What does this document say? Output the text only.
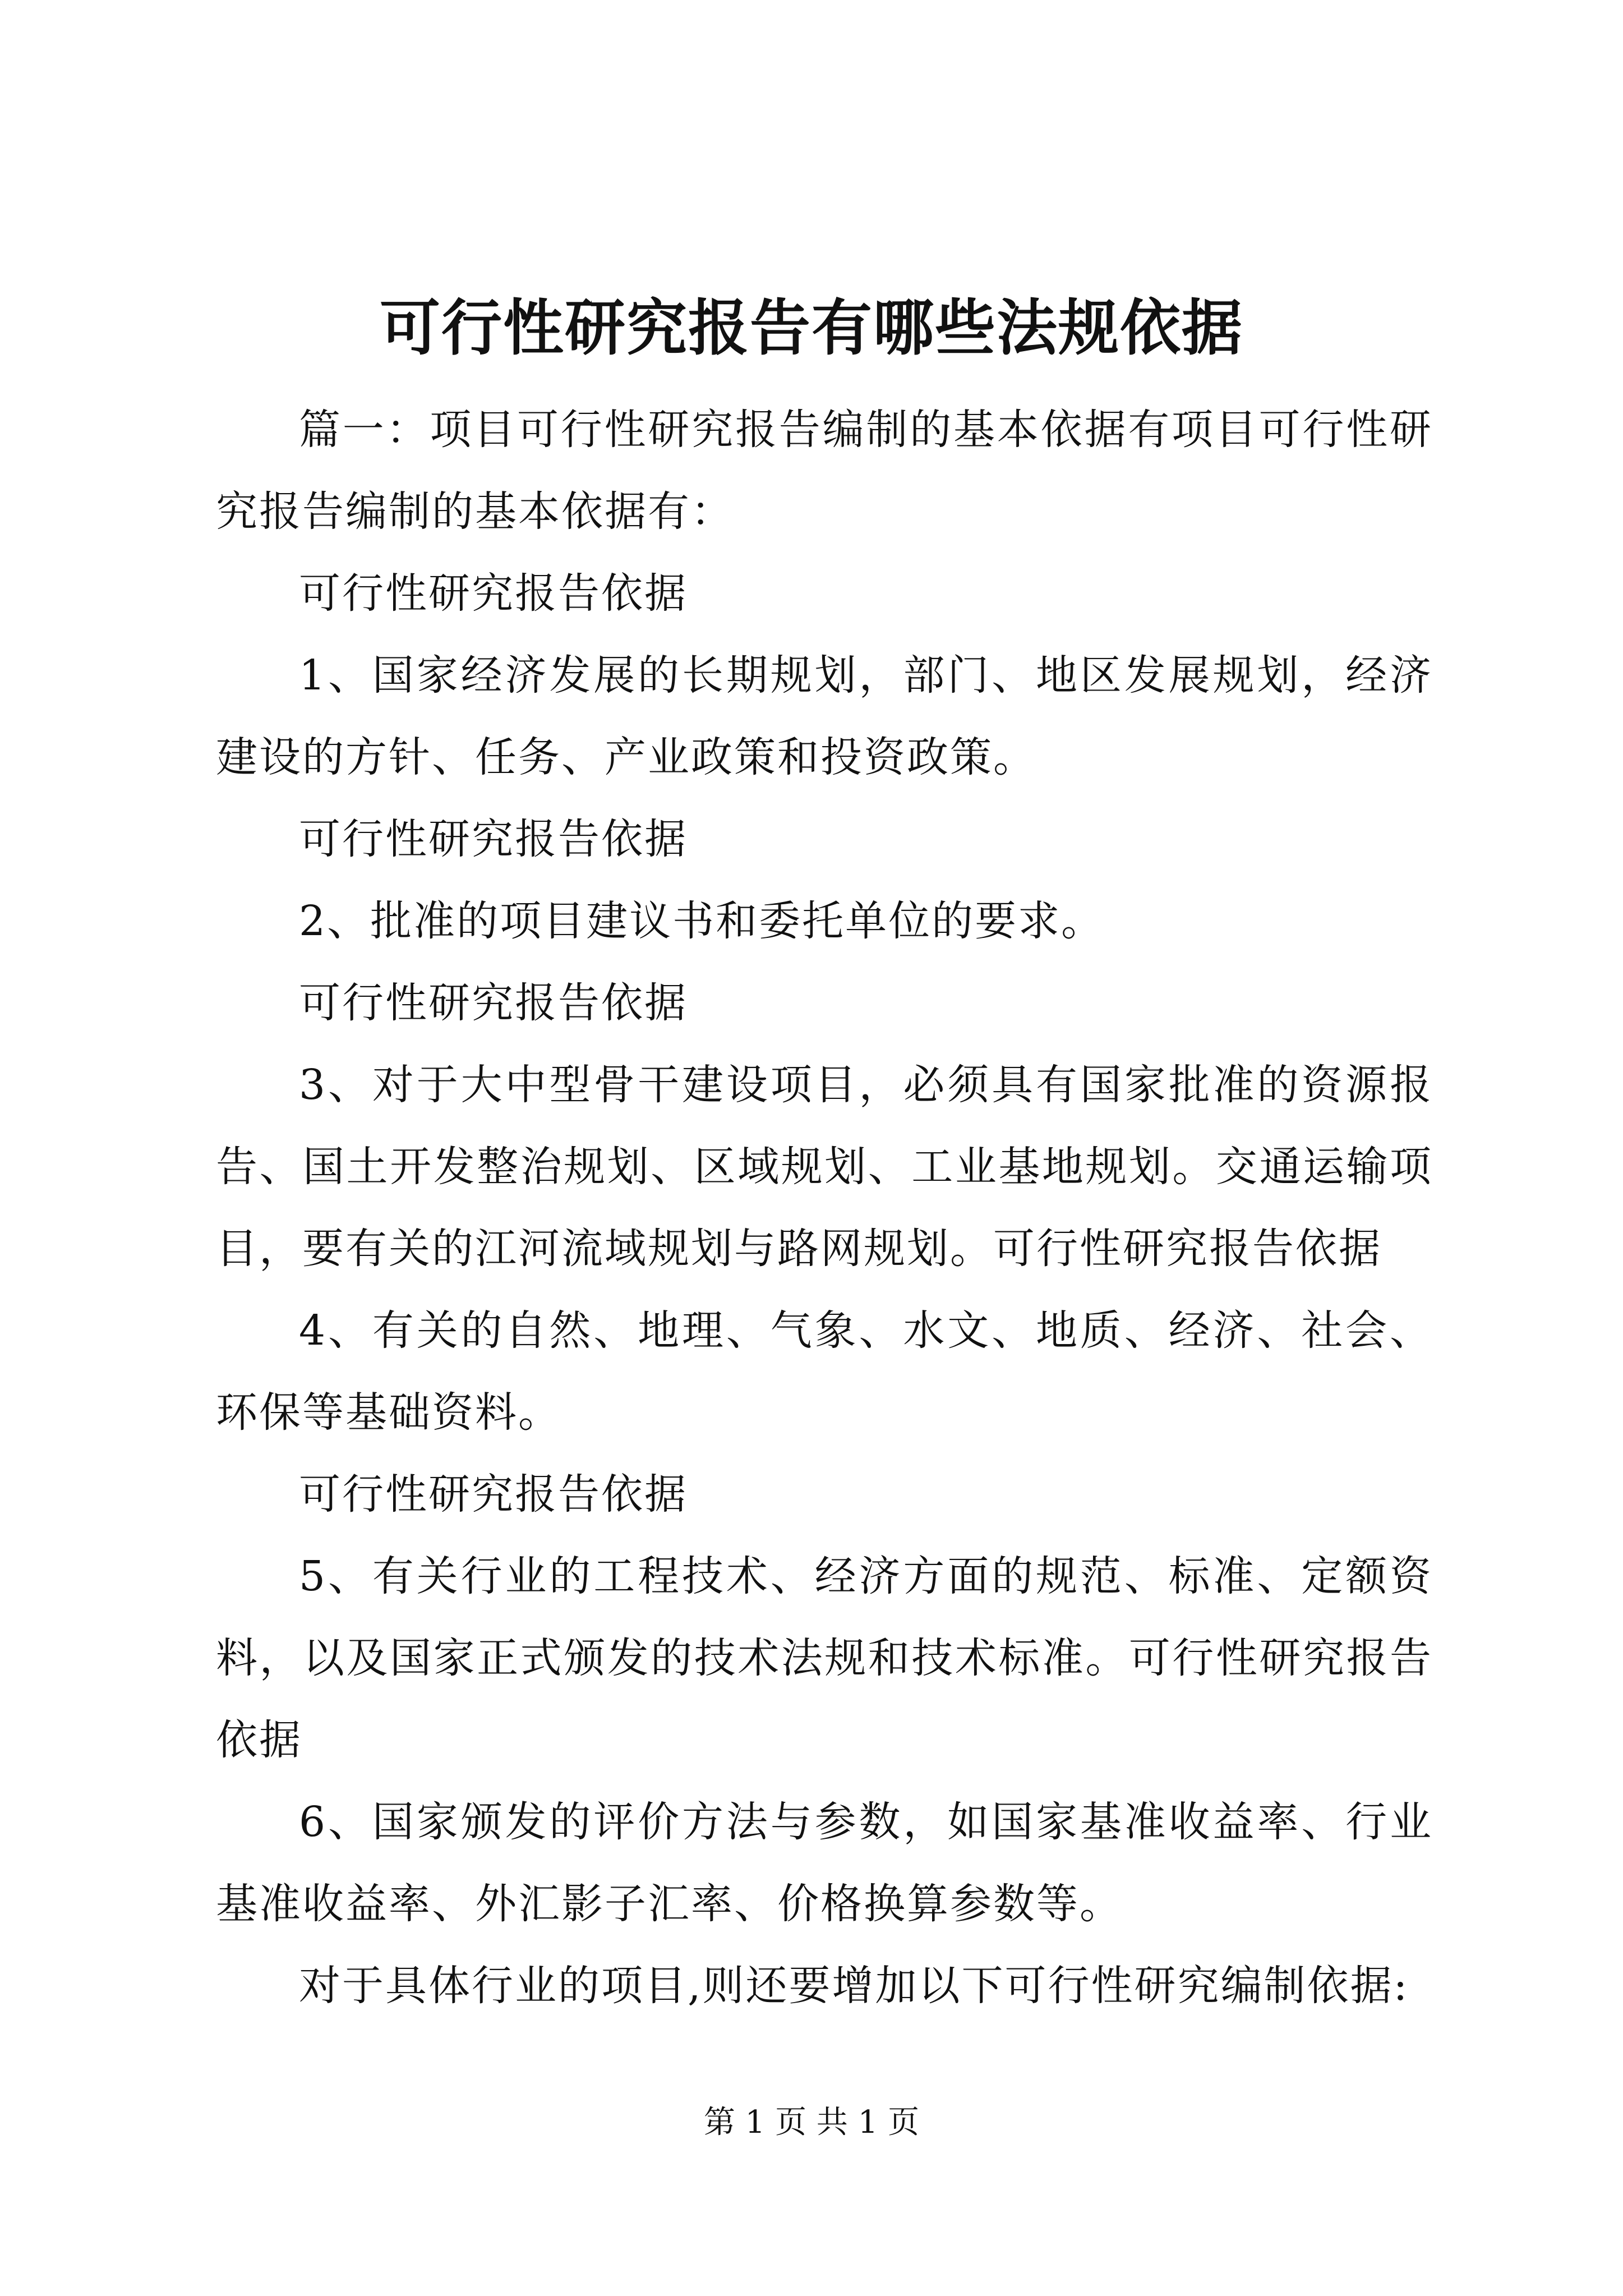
可行性研究报告有哪些法规依据

篇一：项目可行性研究报告编制的基本依据有项目可行性研究报告编制的基本依据有：

可行性研究报告依据

1、国家经济发展的长期规划，部门、地区发展规划，经济建设的方针、任务、产业政策和投资政策。

可行性研究报告依据

2、批准的项目建议书和委托单位的要求。

可行性研究报告依据

3、对于大中型骨干建设项目，必须具有国家批准的资源报告、国土开发整治规划、区域规划、工业基地规划。交通运输项目，要有关的江河流域规划与路网规划。可行性研究报告依据

4、有关的自然、地理、气象、水文、地质、经济、社会、环保等基础资料。

可行性研究报告依据

5、有关行业的工程技术、经济方面的规范、标准、定额资料，以及国家正式颁发的技术法规和技术标准。可行性研究报告依据

6、国家颁发的评价方法与参数，如国家基准收益率、行业基准收益率、外汇影子汇率、价格换算参数等。

对于具体行业的项目,则还要增加以下可行性研究编制依据:

第 1 页 共 1 页
